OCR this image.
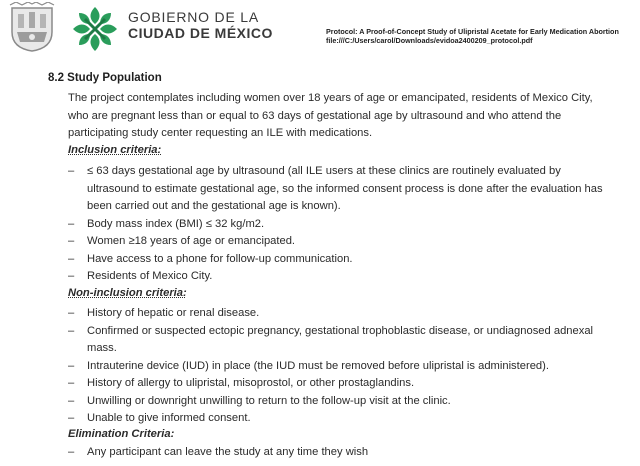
GOBIERNO DE LA
CIUDAD DE MÉXICO	Protocol: A Proof-of-Concept Study of Ulipristal Acetate for Early Medication Abortion
file:///C:/Users/carol/Downloads/evidoa2400209_protocol.pdf
8.2 Study Population
The project contemplates including women over 18 years of age or emancipated, residents of Mexico City,
who are pregnant less than or equal to 63 days of gestational age by ultrasound and who attend the
participating study center requesting an ILE with medications.
Inclusion criteria:
– ≤ 63 days gestational age by ultrasound (all ILE users at these clinics are routinely evaluated by
ultrasound to estimate gestational age, so the informed consent process is done after the evaluation has
been carried out and the gestational age is known).
– Body mass index (BMI) ≤ 32 kg/m2.
– Women ≥18 years of age or emancipated.
– Have access to a phone for follow-up communication.
– Residents of Mexico City.
Non-inclusion criteria:
– History of hepatic or renal disease.
– Confirmed or suspected ectopic pregnancy, gestational trophoblastic disease, or undiagnosed adnexal
mass.
– Intrauterine device (IUD) in place (the IUD must be removed before ulipristal is administered).
– History of allergy to ulipristal, misoprostol, or other prostaglandins.
– Unwilling or downright unwilling to return to the follow-up visit at the clinic.
– Unable to give informed consent.
Elimination Criteria:
– Any participant can leave the study at any time they wish
